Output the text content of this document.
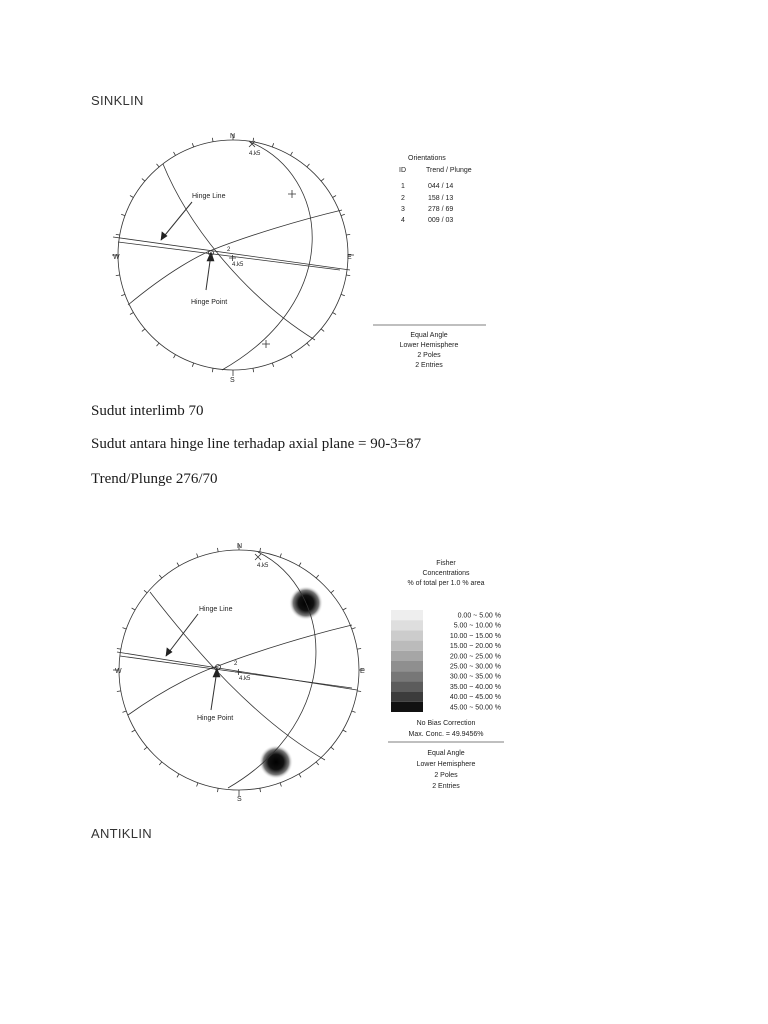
SINKLIN
Sudut interlimb 70
Sudut antara hinge line terhadap axial plane = 90-3=87
Trend/Plunge 276/70
ANTIKLIN
N
S
E
W
Hinge Line
Hinge Point
4.k5
4.k5
2
Orientations
ID	Trend / Plunge
1	044 / 14
2	158 / 13
3	278 / 69
4	009 / 03
Equal Angle
Lower Hemisphere
2 Poles
2 Entries
N
S
E
W
Hinge Line
Hinge Point
4.k5
4.k5
2
Fisher
Concentrations
% of total per 1.0 % area
0.00 ~ 5.00 %
5.00 ~ 10.00 %
10.00 ~ 15.00 %
15.00 ~ 20.00 %
20.00 ~ 25.00 %
25.00 ~ 30.00 %
30.00 ~ 35.00 %
35.00 ~ 40.00 %
40.00 ~ 45.00 %
45.00 ~ 50.00 %
No Bias Correction
Max. Conc. = 49.9456%
Equal Angle
Lower Hemisphere
2 Poles
2 Entries
